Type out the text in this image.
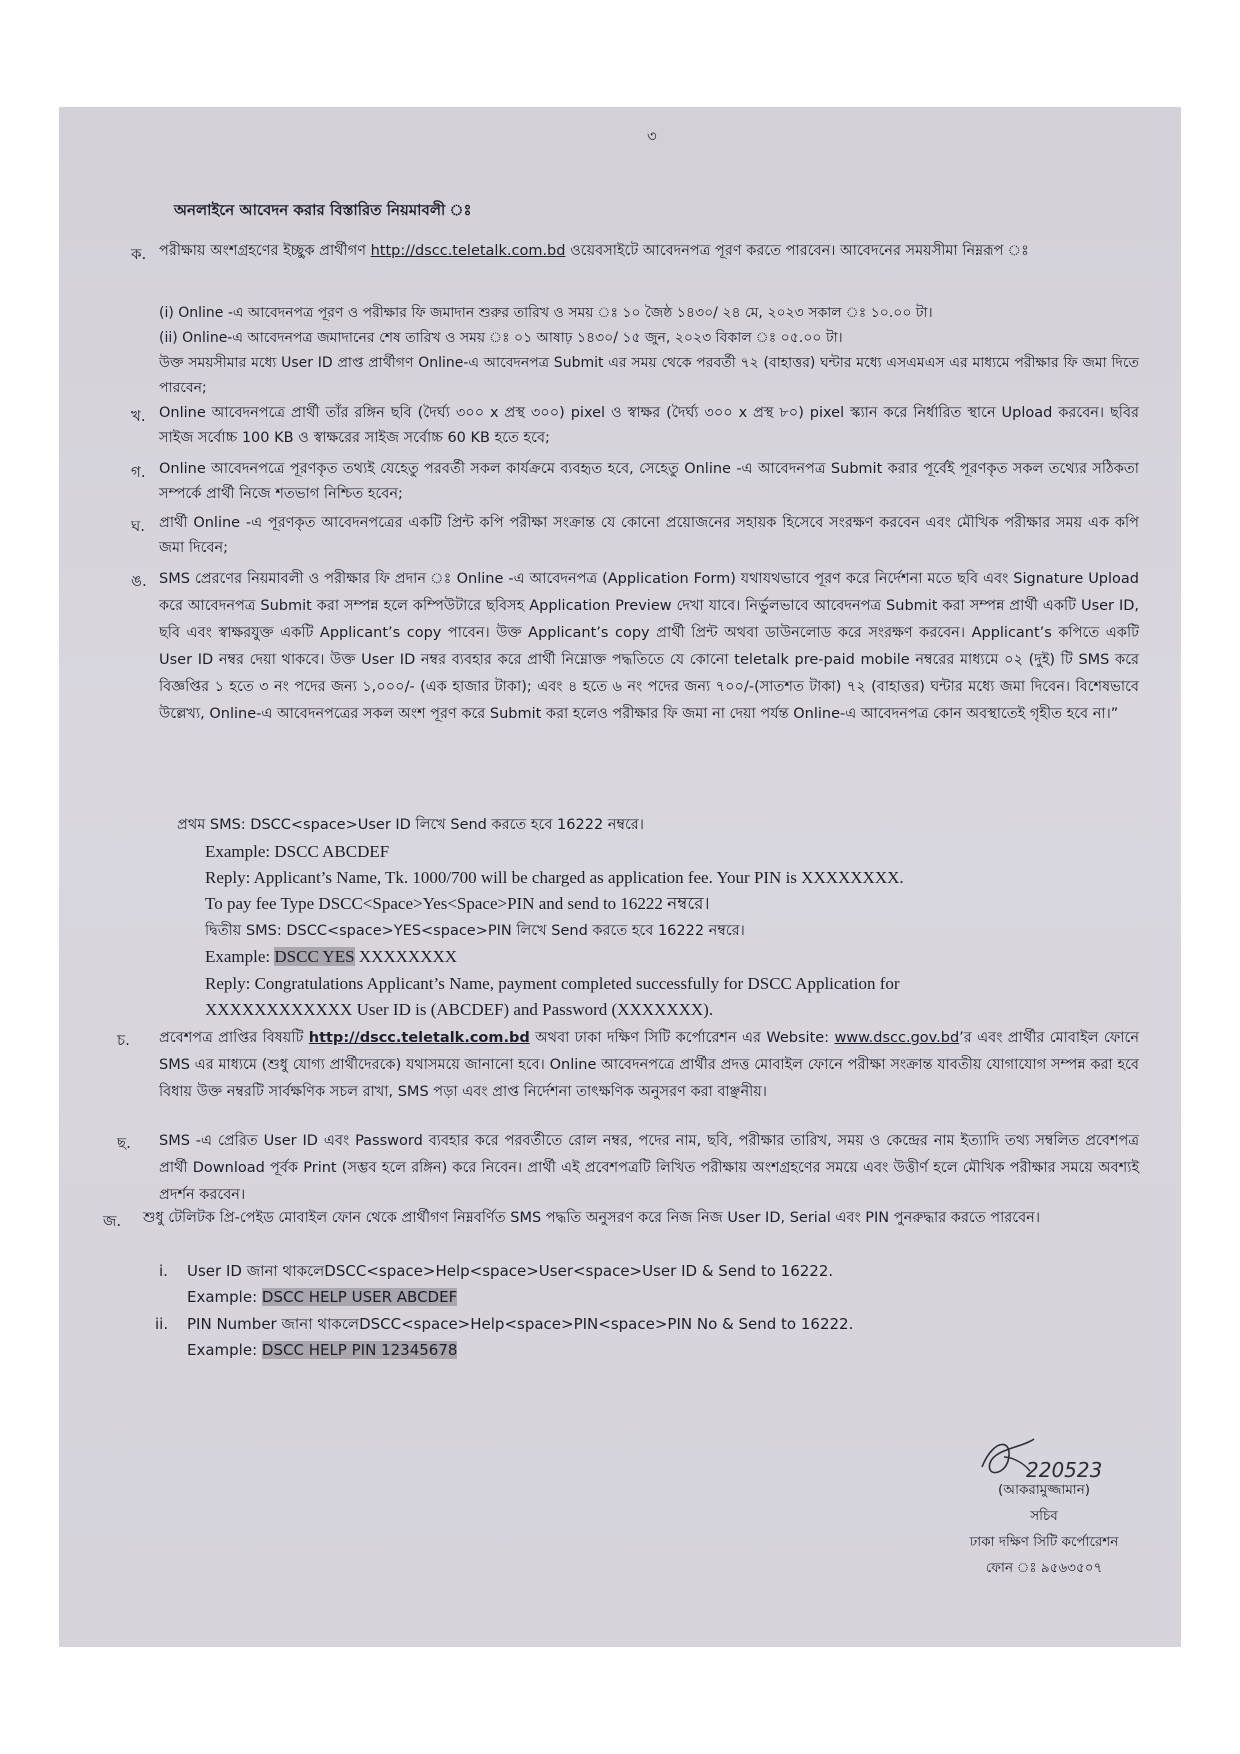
৩
অনলাইনে আবেদন করার বিস্তারিত নিয়মাবলী ঃ
ক. পরীক্ষায় অংশগ্রহণের ইচ্ছুক প্রার্থীগণ http://dscc.teletalk.com.bd ওয়েবসাইটে আবেদনপত্র পূরণ করতে পারবেন। আবেদনের সময়সীমা নিম্নরূপ ঃ
(i) Online -এ আবেদনপত্র পূরণ ও পরীক্ষার ফি জমাদান শুরুর তারিখ ও সময় ঃ ১০ জৈষ্ঠ ১৪৩০/ ২৪ মে, ২০২৩ সকাল ঃ ১০.০০ টা।
(ii) Online-এ আবেদনপত্র জমাদানের শেষ তারিখ ও সময় ঃ ০১ আষাঢ় ১৪৩০/ ১৫ জুন, ২০২৩ বিকাল ঃ ০৫.০০ টা।
উক্ত সময়সীমার মধ্যে User ID প্রাপ্ত প্রার্থীগণ Online-এ আবেদনপত্র Submit এর সময় থেকে পরবর্তী ৭২ (বাহাত্তর) ঘন্টার মধ্যে এসএমএস এর মাধ্যমে পরীক্ষার ফি জমা দিতে পারবেন;
খ. Online আবেদনপত্রে প্রার্থী তাঁর রঙ্গিন ছবি (দৈর্ঘ্য ৩০০ x প্রস্থ ৩০০) pixel ও স্বাক্ষর (দৈর্ঘ্য ৩০০ x প্রস্থ ৮০) pixel স্ক্যান করে নির্ধারিত স্থানে Upload করবেন। ছবির সাইজ সর্বোচ্চ 100 KB ও স্বাক্ষরের সাইজ সর্বোচ্চ 60 KB হতে হবে;
গ. Online আবেদনপত্রে পূরণকৃত তথ্যই যেহেতু পরবর্তী সকল কার্যক্রমে ব্যবহৃত হবে, সেহেতু Online -এ আবেদনপত্র Submit করার পূর্বেই পূরণকৃত সকল তথ্যের সঠিকতা সম্পর্কে প্রার্থী নিজে শতভাগ নিশ্চিত হবেন;
ঘ. প্রার্থী Online -এ পূরণকৃত আবেদনপত্রের একটি প্রিন্ট কপি পরীক্ষা সংক্রান্ত যে কোনো প্রয়োজনের সহায়ক হিসেবে সংরক্ষণ করবেন এবং মৌখিক পরীক্ষার সময় এক কপি জমা দিবেন;
ঙ. SMS প্রেরণের নিয়মাবলী ও পরীক্ষার ফি প্রদান ঃ Online -এ আবেদনপত্র (Application Form) যথাযথভাবে পূরণ করে নির্দেশনা মতে ছবি এবং Signature Upload করে আবেদনপত্র Submit করা সম্পন্ন হলে কম্পিউটারে ছবিসহ Application Preview দেখা যাবে। নির্ভুলভাবে আবেদনপত্র Submit করা সম্পন্ন প্রার্থী একটি User ID, ছবি এবং স্বাক্ষরযুক্ত একটি Applicant’s copy পাবেন। উক্ত Applicant’s copy প্রার্থী প্রিন্ট অথবা ডাউনলোড করে সংরক্ষণ করবেন। Applicant’s কপিতে একটি User ID নম্বর দেয়া থাকবে। উক্ত User ID নম্বর ব্যবহার করে প্রার্থী নিম্নোক্ত পদ্ধতিতে যে কোনো teletalk pre-paid mobile নম্বরের মাধ্যমে ০২ (দুই) টি SMS করে বিজ্ঞপ্তির ১ হতে ৩ নং পদের জন্য ১,০০০/- (এক হাজার টাকা); এবং ৪ হতে ৬ নং পদের জন্য ৭০০/-(সাতশত টাকা) ৭২ (বাহাত্তর) ঘন্টার মধ্যে জমা দিবেন। বিশেষভাবে উল্লেখ্য, Online-এ আবেদনপত্রের সকল অংশ পূরণ করে Submit করা হলেও পরীক্ষার ফি জমা না দেয়া পর্যন্ত Online-এ আবেদনপত্র কোন অবস্থাতেই গৃহীত হবে না।”
প্রথম SMS: DSCC<space>User ID লিখে Send করতে হবে 16222 নম্বরে।
Example: DSCC ABCDEF
Reply: Applicant’s Name, Tk. 1000/700 will be charged as application fee. Your PIN is XXXXXXXX.
To pay fee Type DSCC<Space>Yes<Space>PIN and send to 16222 নম্বরে।
দ্বিতীয় SMS: DSCC<space>YES<space>PIN লিখে Send করতে হবে 16222 নম্বরে।
Example: DSCC YES XXXXXXXX
Reply: Congratulations Applicant’s Name, payment completed successfully for DSCC Application for
XXXXXXXXXXXX User ID is (ABCDEF) and Password (XXXXXXX).
চ. প্রবেশপত্র প্রাপ্তির বিষয়টি http://dscc.teletalk.com.bd অথবা ঢাকা দক্ষিণ সিটি কর্পোরেশন এর Website: www.dscc.gov.bd’র এবং প্রার্থীর মোবাইল ফোনে SMS এর মাধ্যমে (শুধু যোগ্য প্রার্থীদেরকে) যথাসময়ে জানানো হবে। Online আবেদনপত্রে প্রার্থীর প্রদত্ত মোবাইল ফোনে পরীক্ষা সংক্রান্ত যাবতীয় যোগাযোগ সম্পন্ন করা হবে বিধায় উক্ত নম্বরটি সার্বক্ষণিক সচল রাখা, SMS পড়া এবং প্রাপ্ত নির্দেশনা তাৎক্ষণিক অনুসরণ করা বাঞ্ছনীয়।
ছ. SMS -এ প্রেরিত User ID এবং Password ব্যবহার করে পরবর্তীতে রোল নম্বর, পদের নাম, ছবি, পরীক্ষার তারিখ, সময় ও কেন্দ্রের নাম ইত্যাদি তথ্য সম্বলিত প্রবেশপত্র প্রার্থী Download পূর্বক Print (সম্ভব হলে রঙ্গিন) করে নিবেন। প্রার্থী এই প্রবেশপত্রটি লিখিত পরীক্ষায় অংশগ্রহণের সময়ে এবং উত্তীর্ণ হলে মৌখিক পরীক্ষার সময়ে অবশ্যই প্রদর্শন করবেন।
জ. শুধু টেলিটক প্রি-পেইড মোবাইল ফোন থেকে প্রার্থীগণ নিম্নবর্ণিত SMS পদ্ধতি অনুসরণ করে নিজ নিজ User ID, Serial এবং PIN পুনরুদ্ধার করতে পারবেন।
i. User ID জানা থাকলেDSCC<space>Help<space>User<space>User ID & Send to 16222.
Example: DSCC HELP USER ABCDEF
ii. PIN Number জানা থাকলেDSCC<space>Help<space>PIN<space>PIN No & Send to 16222.
Example: DSCC HELP PIN 12345678
220523
(আকরামুজ্জামান)
সচিব
ঢাকা দক্ষিণ সিটি কর্পোরেশন
ফোন ঃ ৯৫৬৩৫০৭
